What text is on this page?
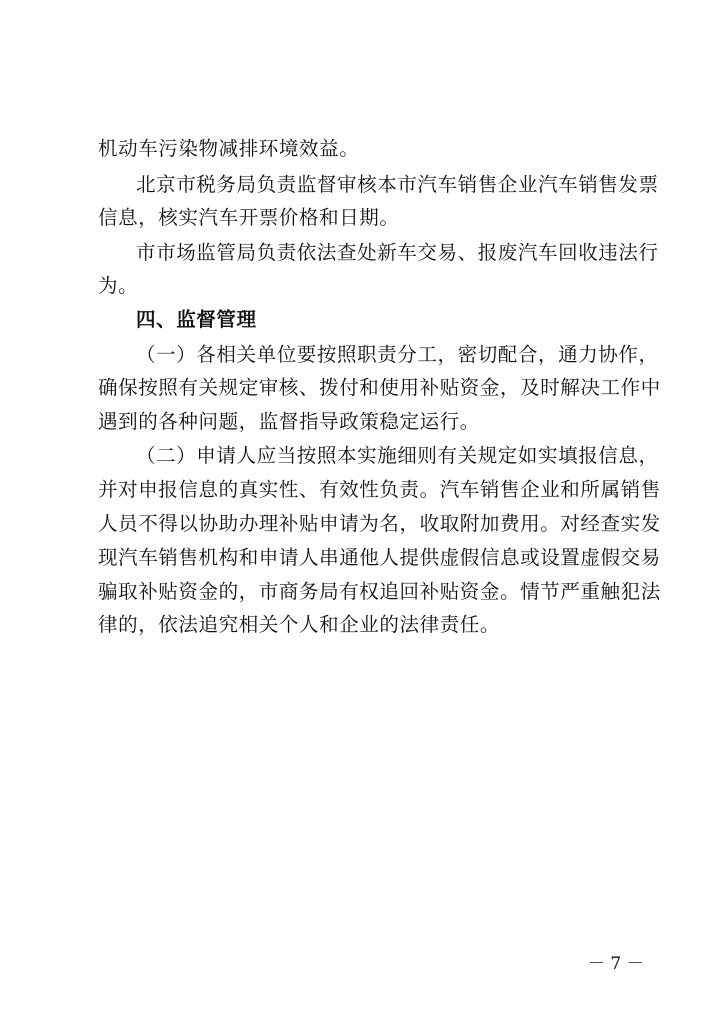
机动车污染物减排环境效益。
北京市税务局负责监督审核本市汽车销售企业汽车销售发票
信息，核实汽车开票价格和日期。
市市场监管局负责依法查处新车交易、报废汽车回收违法行
为。
四、监督管理
（一）各相关单位要按照职责分工，密切配合，通力协作，
确保按照有关规定审核、拨付和使用补贴资金，及时解决工作中
遇到的各种问题，监督指导政策稳定运行。
（二）申请人应当按照本实施细则有关规定如实填报信息，
并对申报信息的真实性、有效性负责。汽车销售企业和所属销售
人员不得以协助办理补贴申请为名，收取附加费用。对经查实发
现汽车销售机构和申请人串通他人提供虚假信息或设置虚假交易
骗取补贴资金的，市商务局有权追回补贴资金。情节严重触犯法
律的，依法追究相关个人和企业的法律责任。
－ 7 －
